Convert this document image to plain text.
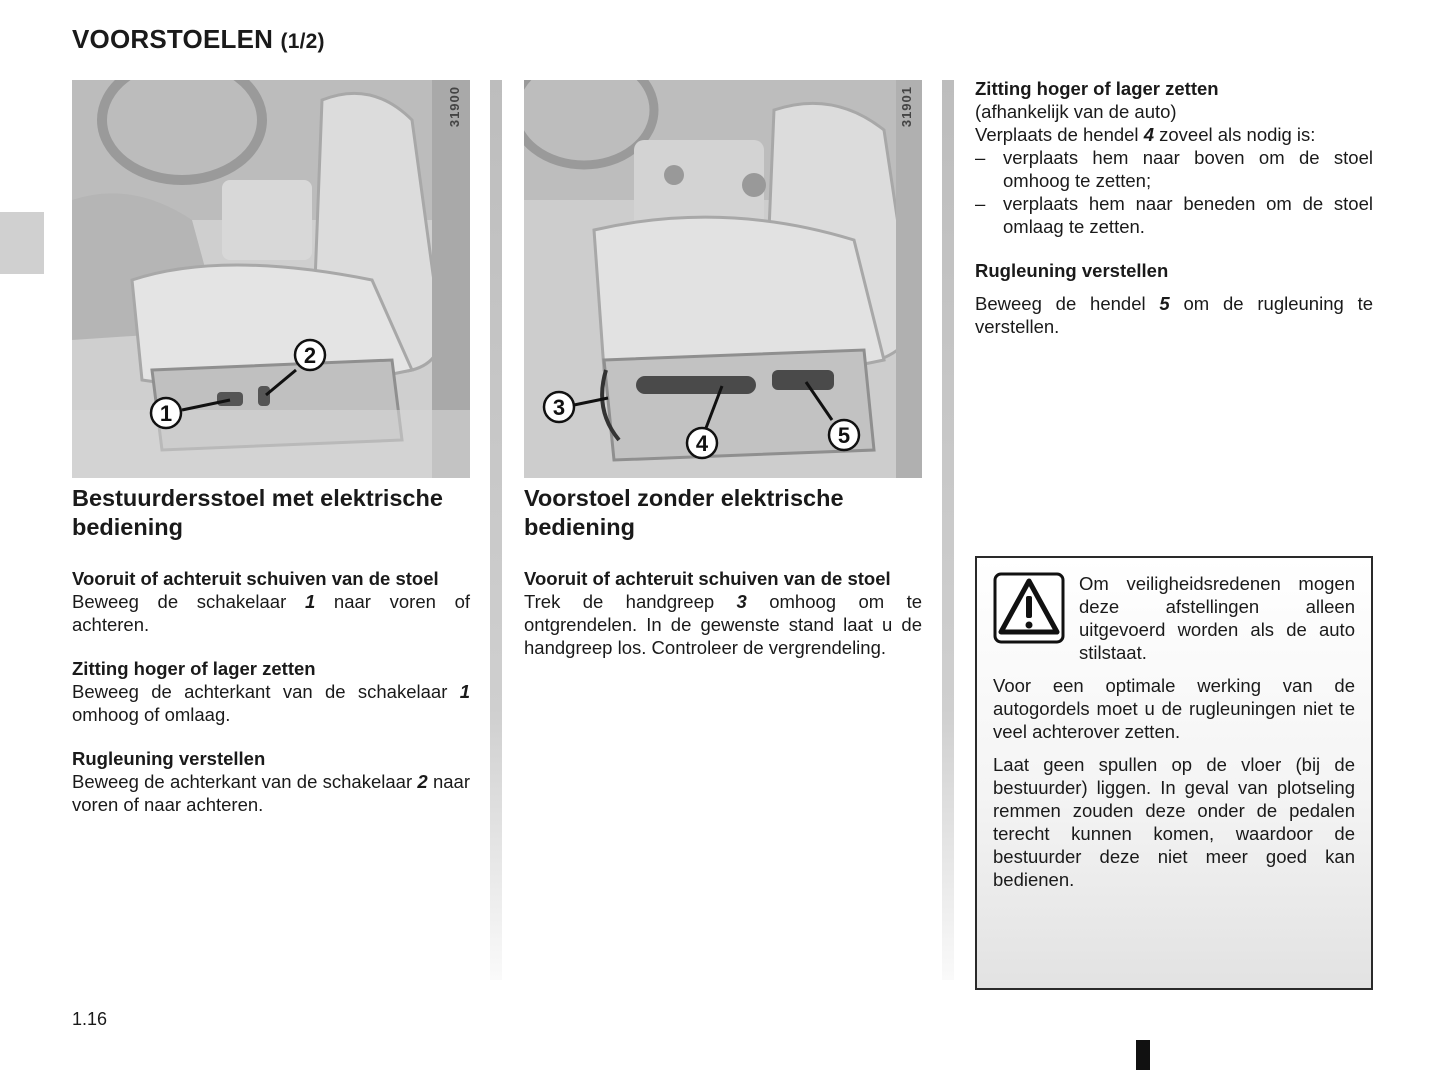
VOORSTOELEN (1/2)
1
2
31900
3
4	5
31901
Bestuurdersstoel met elektrische bediening
Vooruit of achteruit schuiven van de stoel

Beweeg de schakelaar 1 naar voren of achteren.

Zitting hoger of lager zetten

Beweeg de achterkant van de schakelaar 1 omhoog of omlaag.

Rugleuning verstellen

Beweeg de achterkant van de schakelaar 2 naar voren of naar achteren.

Voorstoel zonder elektrische bediening
Vooruit of achteruit schuiven van de stoel

Trek de handgreep 3 omhoog om te ontgrendelen. In de gewenste stand laat u de handgreep los. Controleer de vergrendeling.

Zitting hoger of lager zetten
(afhankelijk van de auto)

Verplaats de hendel 4 zoveel als nodig is:

– verplaats hem naar boven om de stoel omhoog te zetten;
– verplaats hem naar beneden om de stoel omlaag te zetten.
Rugleuning verstellen

Beweeg de hendel 5 om de rugleuning te verstellen.

Om veiligheidsredenen mogen deze afstellingen alleen uitgevoerd worden als de auto stilstaat.

Voor een optimale werking van de autogordels moet u de rugleuningen niet te veel achterover zetten.

Laat geen spullen op de vloer (bij de bestuurder) liggen. In geval van plotseling remmen zouden deze onder de pedalen terecht kunnen komen, waardoor de bestuurder deze niet meer goed kan bedienen.

1.16
